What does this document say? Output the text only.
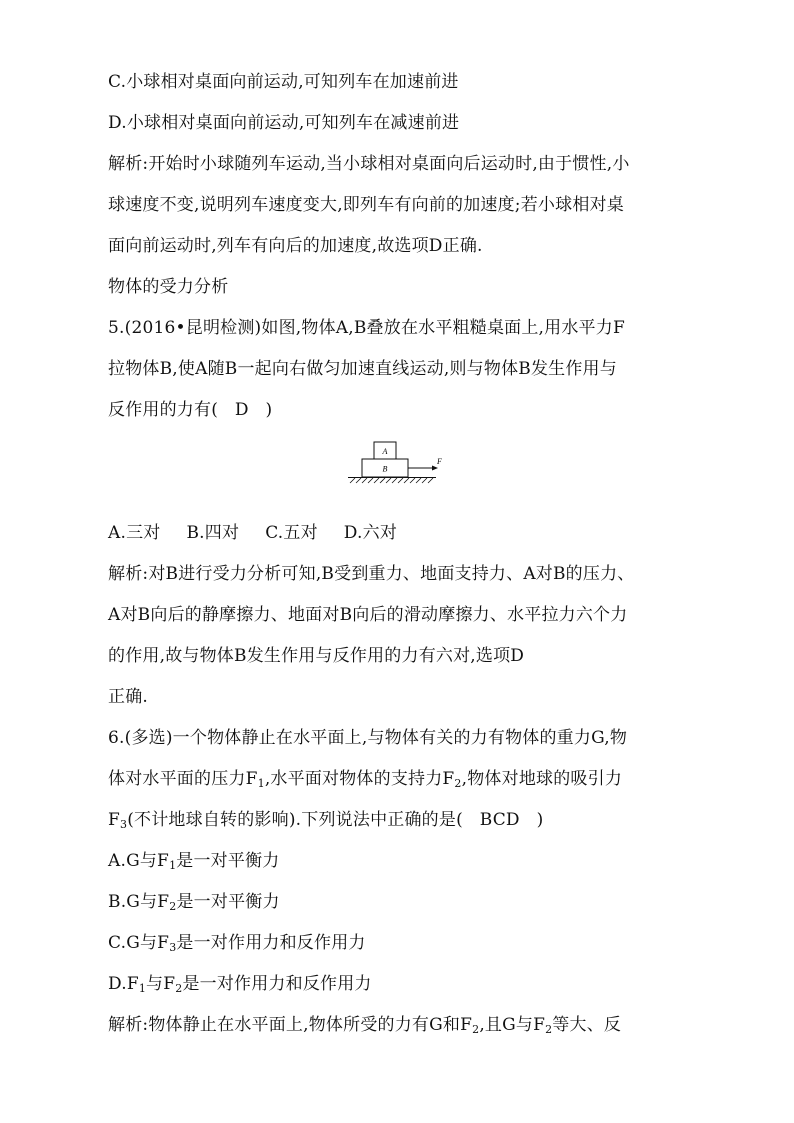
C.小球相对桌面向前运动,可知列车在加速前进
D.小球相对桌面向前运动,可知列车在减速前进
解析:开始时小球随列车运动,当小球相对桌面向后运动时,由于惯性,小
球速度不变,说明列车速度变大,即列车有向前的加速度;若小球相对桌
面向前运动时,列车有向后的加速度,故选项D正确.
物体的受力分析
5.(2016•昆明检测)如图,物体A,B叠放在水平粗糙桌面上,用水平力F
拉物体B,使A随B一起向右做匀加速直线运动,则与物体B发生作用与
反作用的力有(   D   )
A
B
F
A.三对 B.四对 C.五对 D.六对
解析:对B进行受力分析可知,B受到重力、地面支持力、A对B的压力、
A对B向后的静摩擦力、地面对B向后的滑动摩擦力、水平拉力六个力
的作用,故与物体B发生作用与反作用的力有六对,选项D
正确.
6.(多选)一个物体静止在水平面上,与物体有关的力有物体的重力G,物
体对水平面的压力$F_1$,水平面对物体的支持力$F_2$,物体对地球的吸引力
$F_3$(不计地球自转的影响).下列说法中正确的是(   BCD   )
A.G与$F_1$是一对平衡力
B.G与$F_2$是一对平衡力
C.G与$F_3$是一对作用力和反作用力
$D.F_1$与$F_2$是一对作用力和反作用力
解析:物体静止在水平面上,物体所受的力有G和$F_2$,且G与$F_2$等大、反
